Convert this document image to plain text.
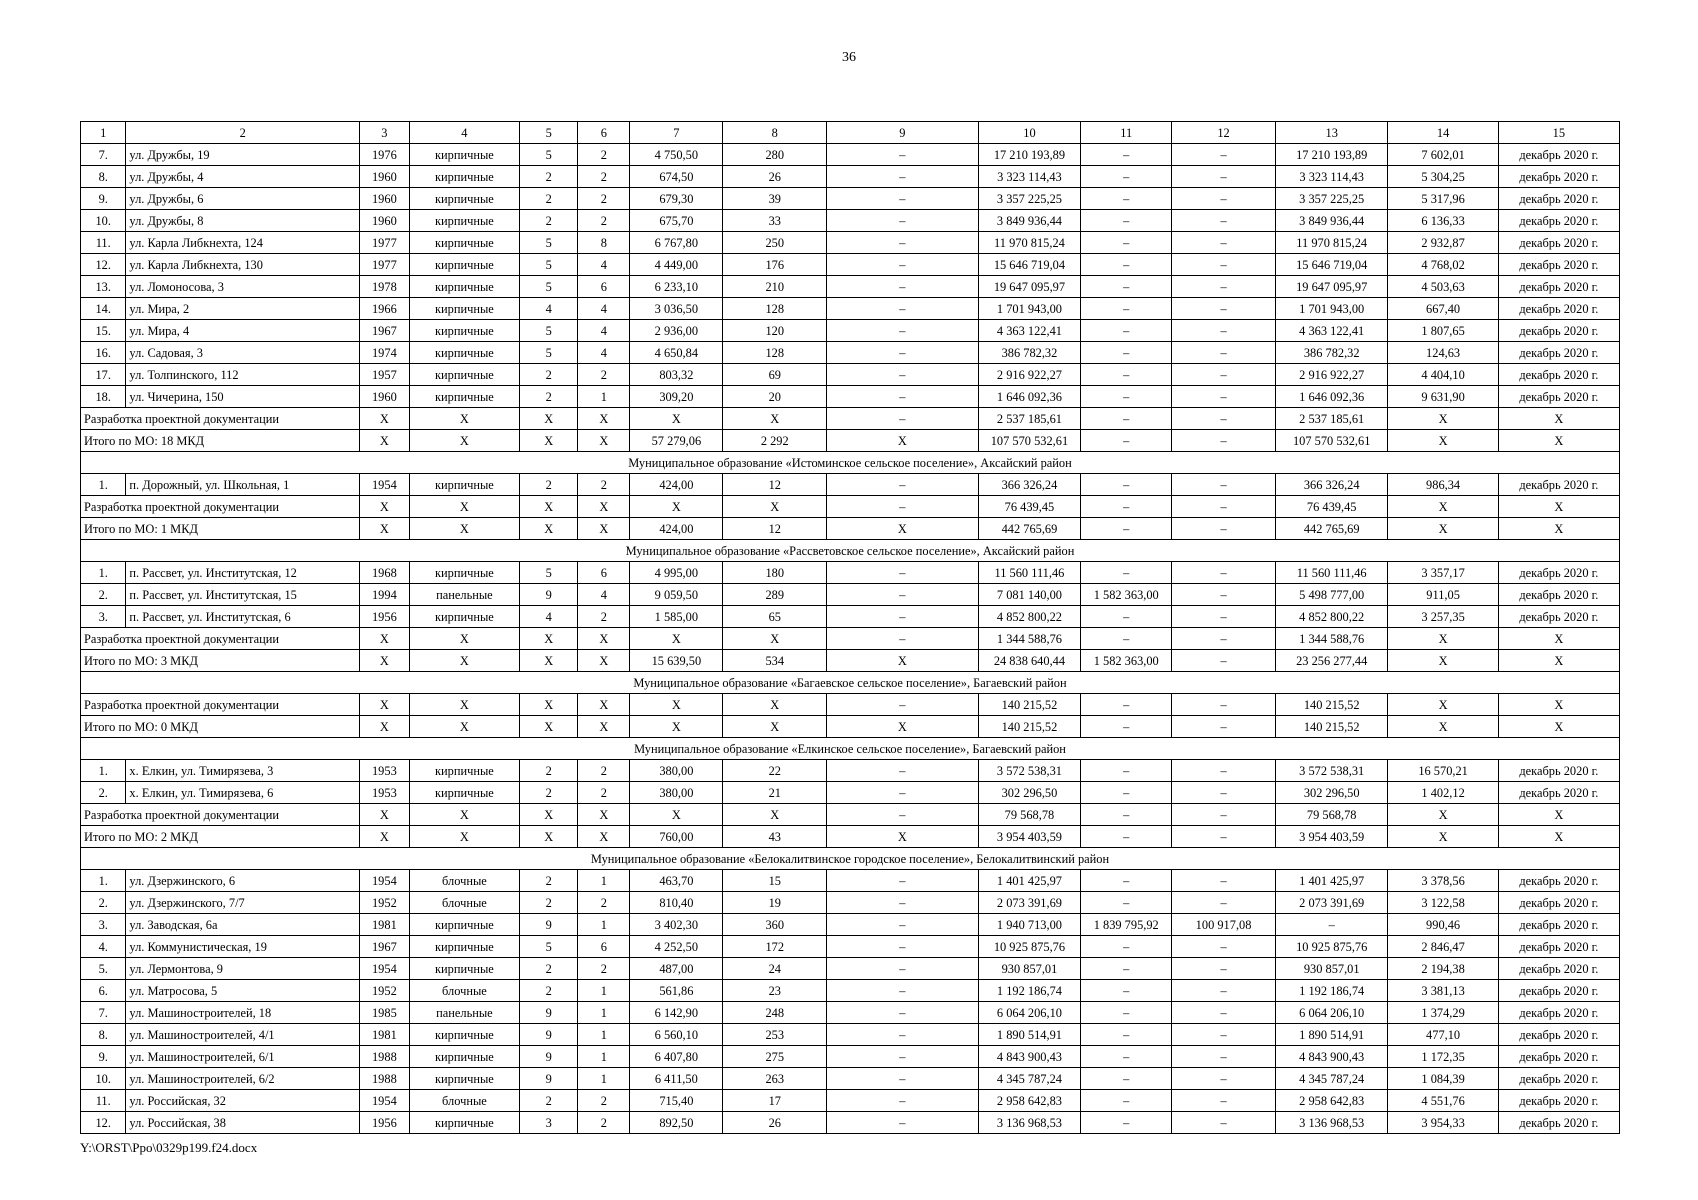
36
1	2	3	4	5	6	7	8	9	10	11	12	13	14	15
7.	ул. Дружбы, 19	1976	кирпичные	5	2	4 750,50	280	–	17 210 193,89	–	–	17 210 193,89	7 602,01	декабрь 2020 г.
8.	ул. Дружбы, 4	1960	кирпичные	2	2	674,50	26	–	3 323 114,43	–	–	3 323 114,43	5 304,25	декабрь 2020 г.
9.	ул. Дружбы, 6	1960	кирпичные	2	2	679,30	39	–	3 357 225,25	–	–	3 357 225,25	5 317,96	декабрь 2020 г.
10.	ул. Дружбы, 8	1960	кирпичные	2	2	675,70	33	–	3 849 936,44	–	–	3 849 936,44	6 136,33	декабрь 2020 г.
11.	ул. Карла Либкнехта, 124	1977	кирпичные	5	8	6 767,80	250	–	11 970 815,24	–	–	11 970 815,24	2 932,87	декабрь 2020 г.
12.	ул. Карла Либкнехта, 130	1977	кирпичные	5	4	4 449,00	176	–	15 646 719,04	–	–	15 646 719,04	4 768,02	декабрь 2020 г.
13.	ул. Ломоносова, 3	1978	кирпичные	5	6	6 233,10	210	–	19 647 095,97	–	–	19 647 095,97	4 503,63	декабрь 2020 г.
14.	ул. Мира, 2	1966	кирпичные	4	4	3 036,50	128	–	1 701 943,00	–	–	1 701 943,00	667,40	декабрь 2020 г.
15.	ул. Мира, 4	1967	кирпичные	5	4	2 936,00	120	–	4 363 122,41	–	–	4 363 122,41	1 807,65	декабрь 2020 г.
16.	ул. Садовая, 3	1974	кирпичные	5	4	4 650,84	128	–	386 782,32	–	–	386 782,32	124,63	декабрь 2020 г.
17.	ул. Толпинского, 112	1957	кирпичные	2	2	803,32	69	–	2 916 922,27	–	–	2 916 922,27	4 404,10	декабрь 2020 г.
18.	ул. Чичерина, 150	1960	кирпичные	2	1	309,20	20	–	1 646 092,36	–	–	1 646 092,36	9 631,90	декабрь 2020 г.
Разработка проектной документации		X	X	X	X	X	X	–	2 537 185,61	–	–	2 537 185,61	X	X
Итого по МО: 18 МКД		X	X	X	X	57 279,06	2 292	X	107 570 532,61	–	–	107 570 532,61	X	X
Муниципальное образование «Истоминское сельское поселение», Аксайский район														
1.	п. Дорожный, ул. Школьная, 1	1954	кирпичные	2	2	424,00	12	–	366 326,24	–	–	366 326,24	986,34	декабрь 2020 г.
Разработка проектной документации		X	X	X	X	X	X	–	76 439,45	–	–	76 439,45	X	X
Итого по МО: 1 МКД		X	X	X	X	424,00	12	X	442 765,69	–	–	442 765,69	X	X
Муниципальное образование «Рассветовское сельское поселение», Аксайский район														
1.	п. Рассвет, ул. Институтская, 12	1968	кирпичные	5	6	4 995,00	180	–	11 560 111,46	–	–	11 560 111,46	3 357,17	декабрь 2020 г.
2.	п. Рассвет, ул. Институтская, 15	1994	панельные	9	4	9 059,50	289	–	7 081 140,00	1 582 363,00	–	5 498 777,00	911,05	декабрь 2020 г.
3.	п. Рассвет, ул. Институтская, 6	1956	кирпичные	4	2	1 585,00	65	–	4 852 800,22	–	–	4 852 800,22	3 257,35	декабрь 2020 г.
Разработка проектной документации		X	X	X	X	X	X	–	1 344 588,76	–	–	1 344 588,76	X	X
Итого по МО: 3 МКД		X	X	X	X	15 639,50	534	X	24 838 640,44	1 582 363,00	–	23 256 277,44	X	X
Муниципальное образование «Багаевское сельское поселение», Багаевский район														
Разработка проектной документации		X	X	X	X	X	X	–	140 215,52	–	–	140 215,52	X	X
Итого по МО: 0 МКД		X	X	X	X	X	X	X	140 215,52	–	–	140 215,52	X	X
Муниципальное образование «Елкинское сельское поселение», Багаевский район														
1.	х. Елкин, ул. Тимирязева, 3	1953	кирпичные	2	2	380,00	22	–	3 572 538,31	–	–	3 572 538,31	16 570,21	декабрь 2020 г.
2.	х. Елкин, ул. Тимирязева, 6	1953	кирпичные	2	2	380,00	21	–	302 296,50	–	–	302 296,50	1 402,12	декабрь 2020 г.
Разработка проектной документации		X	X	X	X	X	X	–	79 568,78	–	–	79 568,78	X	X
Итого по МО: 2 МКД		X	X	X	X	760,00	43	X	3 954 403,59	–	–	3 954 403,59	X	X
Муниципальное образование «Белокалитвинское городское поселение», Белокалитвинский район														
1.	ул. Дзержинского, 6	1954	блочные	2	1	463,70	15	–	1 401 425,97	–	–	1 401 425,97	3 378,56	декабрь 2020 г.
2.	ул. Дзержинского, 7/7	1952	блочные	2	2	810,40	19	–	2 073 391,69	–	–	2 073 391,69	3 122,58	декабрь 2020 г.
3.	ул. Заводская, 6а	1981	кирпичные	9	1	3 402,30	360	–	1 940 713,00	1 839 795,92	100 917,08	–	990,46	декабрь 2020 г.
4.	ул. Коммунистическая, 19	1967	кирпичные	5	6	4 252,50	172	–	10 925 875,76	–	–	10 925 875,76	2 846,47	декабрь 2020 г.
5.	ул. Лермонтова, 9	1954	кирпичные	2	2	487,00	24	–	930 857,01	–	–	930 857,01	2 194,38	декабрь 2020 г.
6.	ул. Матросова, 5	1952	блочные	2	1	561,86	23	–	1 192 186,74	–	–	1 192 186,74	3 381,13	декабрь 2020 г.
7.	ул. Машиностроителей, 18	1985	панельные	9	1	6 142,90	248	–	6 064 206,10	–	–	6 064 206,10	1 374,29	декабрь 2020 г.
8.	ул. Машиностроителей, 4/1	1981	кирпичные	9	1	6 560,10	253	–	1 890 514,91	–	–	1 890 514,91	477,10	декабрь 2020 г.
9.	ул. Машиностроителей, 6/1	1988	кирпичные	9	1	6 407,80	275	–	4 843 900,43	–	–	4 843 900,43	1 172,35	декабрь 2020 г.
10.	ул. Машиностроителей, 6/2	1988	кирпичные	9	1	6 411,50	263	–	4 345 787,24	–	–	4 345 787,24	1 084,39	декабрь 2020 г.
11.	ул. Российская, 32	1954	блочные	2	2	715,40	17	–	2 958 642,83	–	–	2 958 642,83	4 551,76	декабрь 2020 г.
12.	ул. Российская, 38	1956	кирпичные	3	2	892,50	26	–	3 136 968,53	–	–	3 136 968,53	3 954,33	декабрь 2020 г.
Y:\ORST\Ppo\0329p199.f24.docx
